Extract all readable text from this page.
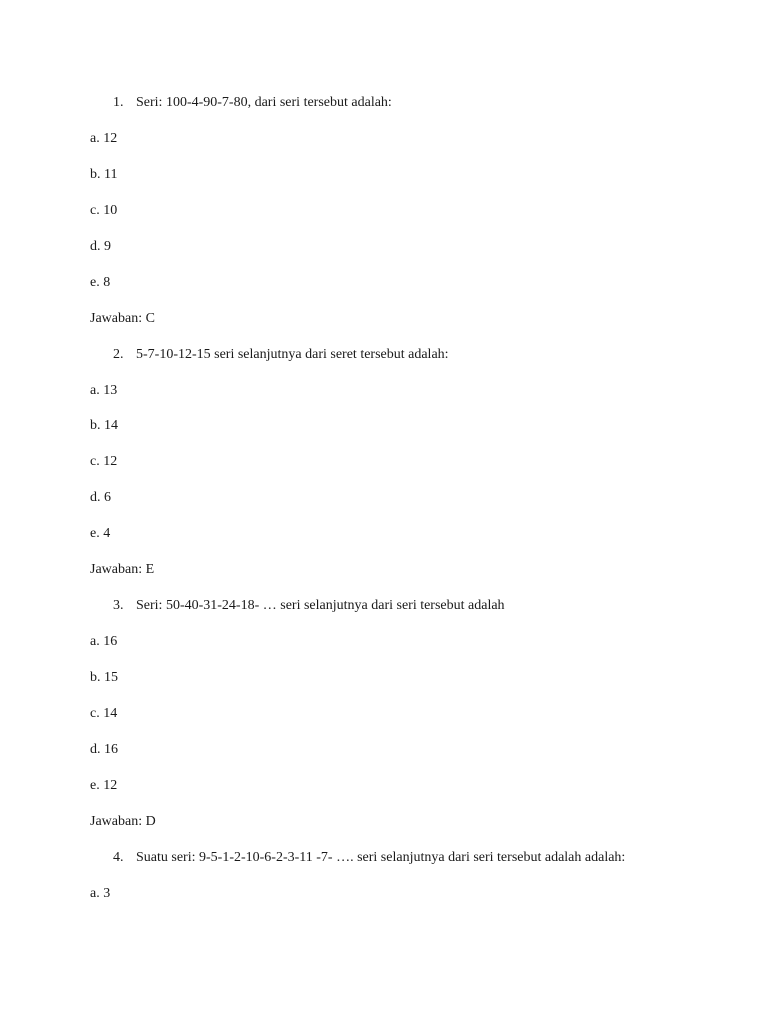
1. Seri: 100-4-90-7-80, dari seri tersebut adalah:
a. 12
b. 11
c. 10
d. 9
e. 8
Jawaban: C
2. 5-7-10-12-15 seri selanjutnya dari seret tersebut adalah:
a. 13
b. 14
c. 12
d. 6
e. 4
Jawaban: E
3. Seri: 50-40-31-24-18- … seri selanjutnya dari seri tersebut adalah
a. 16
b. 15
c. 14
d. 16
e. 12
Jawaban: D
4. Suatu seri: 9-5-1-2-10-6-2-3-11 -7- …. seri selanjutnya dari seri tersebut adalah adalah:
a. 3
